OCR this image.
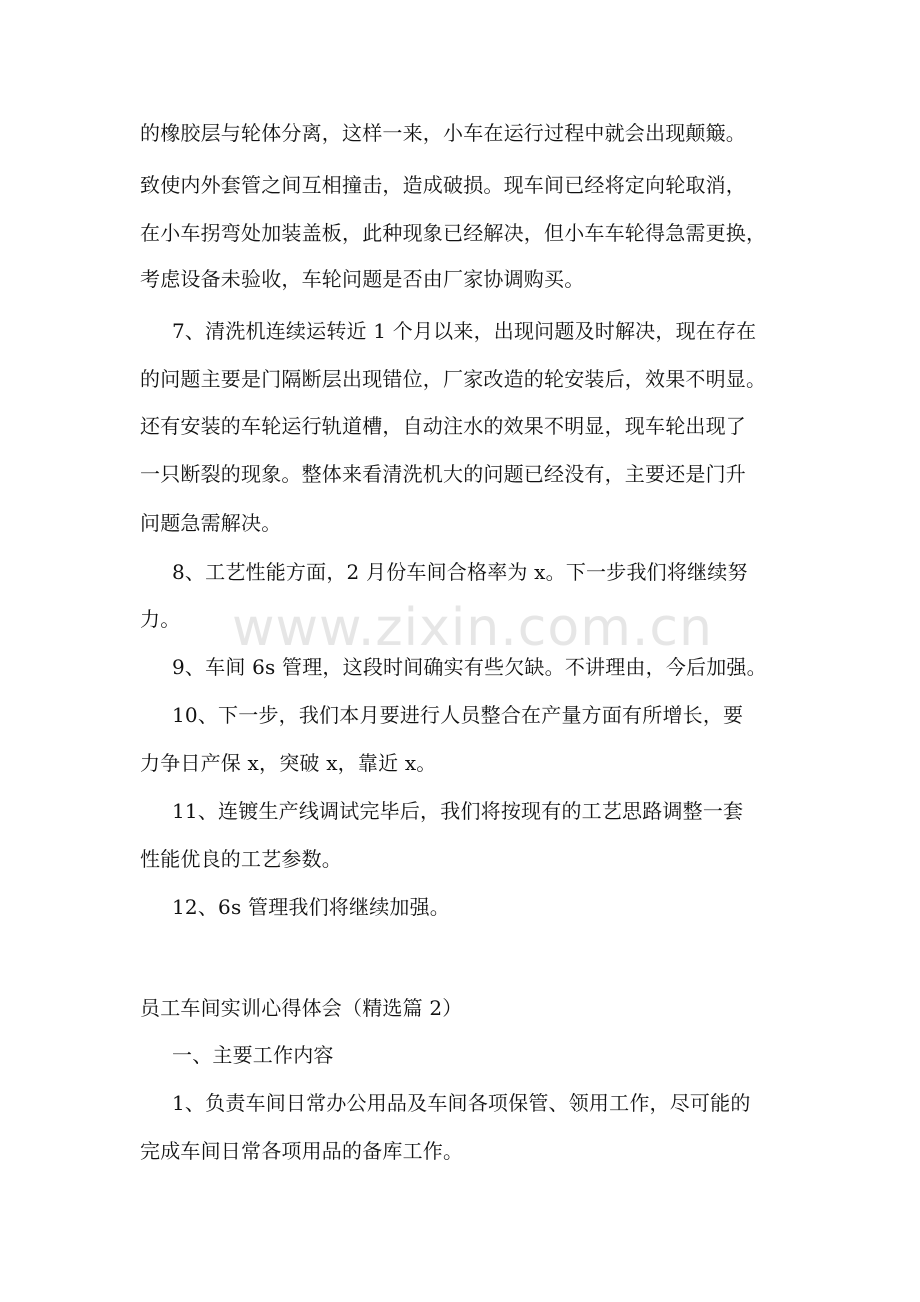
www.zixin.com.cn
的橡胶层与轮体分离，这样一来，小车在运行过程中就会出现颠簸。
致使内外套管之间互相撞击，造成破损。现车间已经将定向轮取消，
在小车拐弯处加装盖板，此种现象已经解决，但小车车轮得急需更换，
考虑设备未验收，车轮问题是否由厂家协调购买。
7、清洗机连续运转近 1 个月以来，出现问题及时解决，现在存在
的问题主要是门隔断层出现错位，厂家改造的轮安装后，效果不明显。
还有安装的车轮运行轨道槽，自动注水的效果不明显，现车轮出现了
一只断裂的现象。整体来看清洗机大的问题已经没有，主要还是门升
问题急需解决。
8、工艺性能方面，2 月份车间合格率为 x。下一步我们将继续努
力。
9、车间 6s 管理，这段时间确实有些欠缺。不讲理由，今后加强。
10、下一步，我们本月要进行人员整合在产量方面有所增长，要
力争日产保 x，突破 x，靠近 x。
11、连镀生产线调试完毕后，我们将按现有的工艺思路调整一套
性能优良的工艺参数。
12、6s 管理我们将继续加强。
员工车间实训心得体会（精选篇 2）
一、主要工作内容
1、负责车间日常办公用品及车间各项保管、领用工作，尽可能的
完成车间日常各项用品的备库工作。
